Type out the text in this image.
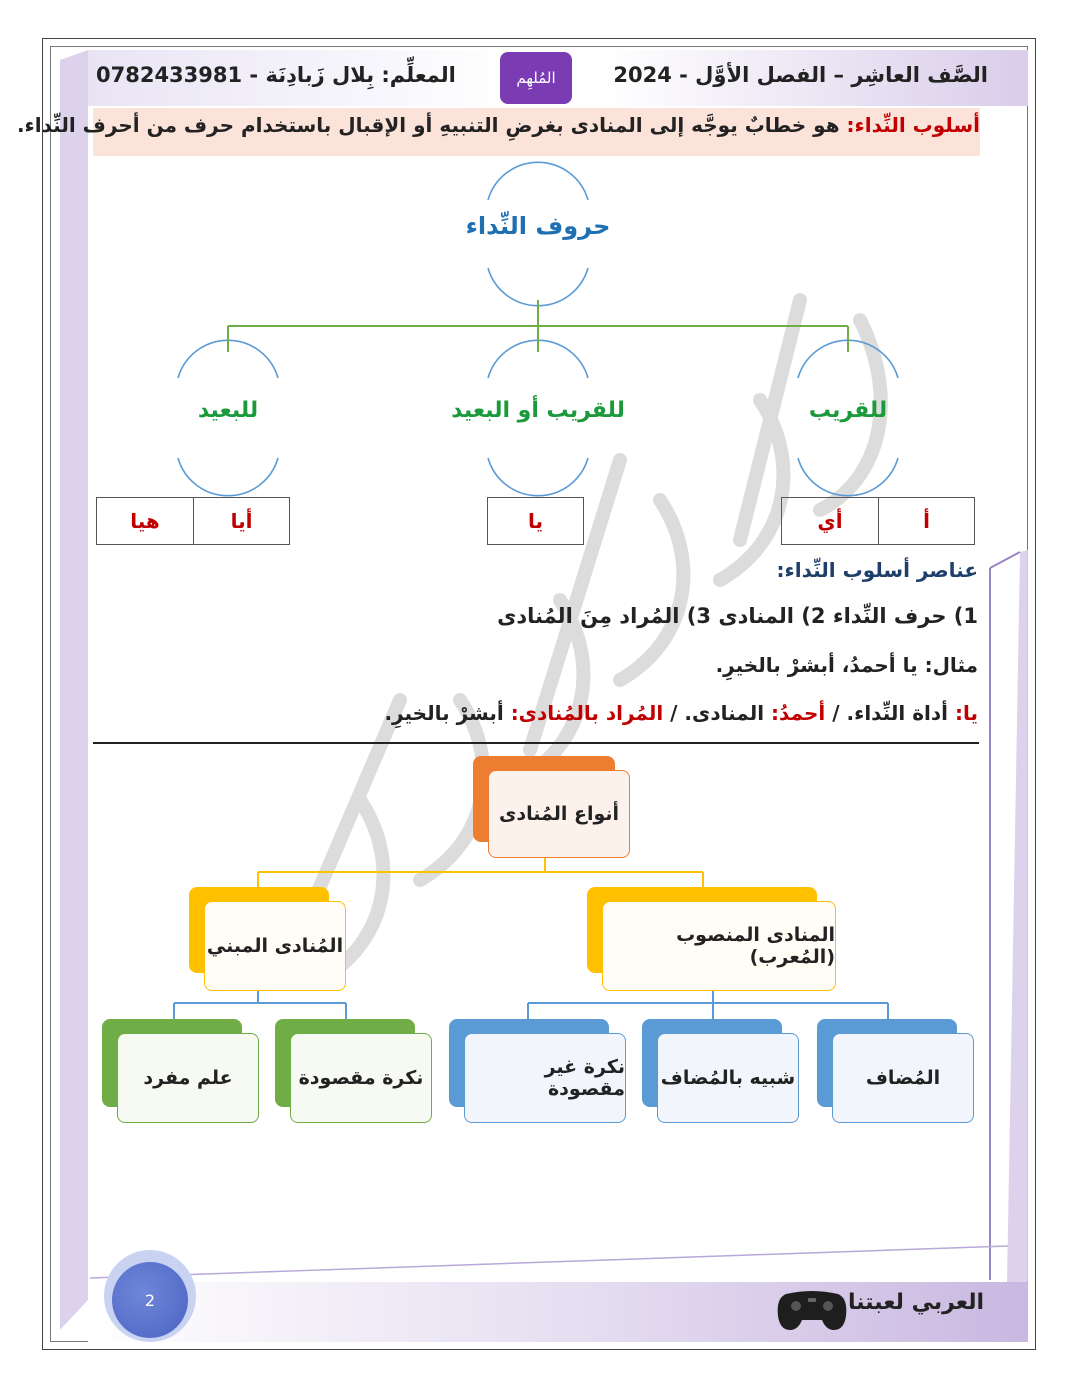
الصَّف العاشِر – الفصل الأوَّل - 2024
المُلهِم
المعلِّم: بِلال زَبادِنَة - 0782433981
أسلوب النِّداء: هو خطابٌ يوجَّه إلى المنادى بغرضِ التنبيهِ أو الإقبال باستخدام حرف من أحرف النِّداء.
حروف النِّداء
للقريب
للقريب أو البعيد
للبعيد
أ
أي
يا
أيا
هيا
عناصر أسلوب النِّداء:
1) حرف النِّداء 2) المنادى 3) المُراد مِنَ المُنادى
مثال: يا أحمدُ، أبشرْ بالخيرِ.
يا: أداة النِّداء. / أحمدُ: المنادى. / المُراد بالمُنادى: أبشرْ بالخيرِ.
أنواع المُنادى
المنادى المنصوب (المُعرب)
المُنادى المبني
المُضاف
شبيه بالمُضاف
نكرة غير مقصودة
نكرة مقصودة
علم مفرد
2	العربي لعبتنا
